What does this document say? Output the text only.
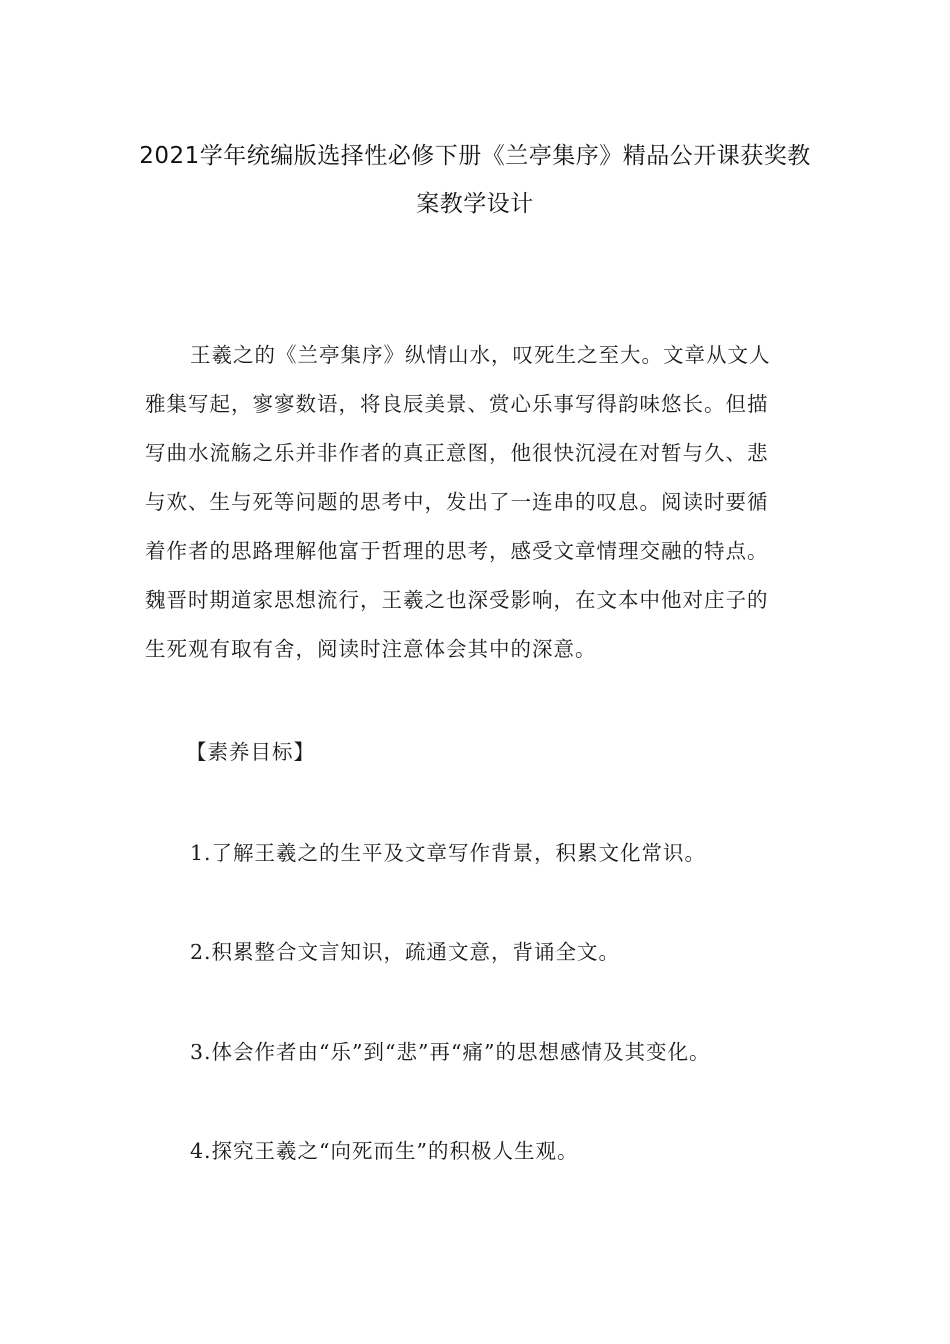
2021学年统编版选择性必修下册《兰亭集序》精品公开课获奖教
案教学设计
王羲之的《兰亭集序》纵情山水，叹死生之至大。文章从文人
雅集写起，寥寥数语，将良辰美景、赏心乐事写得韵味悠长。但描
写曲水流觞之乐并非作者的真正意图，他很快沉浸在对暂与久、悲
与欢、生与死等问题的思考中，发出了一连串的叹息。阅读时要循
着作者的思路理解他富于哲理的思考，感受文章情理交融的特点。
魏晋时期道家思想流行，王羲之也深受影响，在文本中他对庄子的
生死观有取有舍，阅读时注意体会其中的深意。
【素养目标】
1.了解王羲之的生平及文章写作背景，积累文化常识。
2.积累整合文言知识，疏通文意，背诵全文。
3.体会作者由“乐”到“悲”再“痛”的思想感情及其变化。
4.探究王羲之“向死而生”的积极人生观。
